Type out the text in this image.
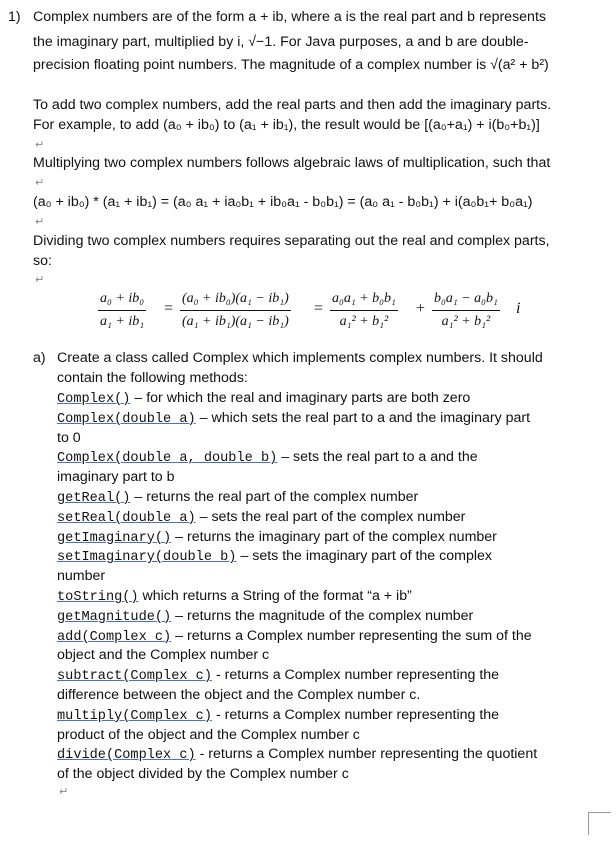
1) Complex numbers are of the form a + ib, where a is the real part and b represents
the imaginary part, multiplied by i, √−1. For Java purposes, a and b are double-
precision floating point numbers. The magnitude of a complex number is √(a² + b²)
To add two complex numbers, add the real parts and then add the imaginary parts.
For example, to add (a₀ + ib₀) to (a₁ + ib₁), the result would be [(a₀+a₁) + i(b₀+b₁)]
↵
Multiplying two complex numbers follows algebraic laws of multiplication, such that
↵
(a₀ + ib₀) * (a₁ + ib₁) = (a₀ a₁ + ia₀b₁ + ib₀a₁ - b₀b₁) = (a₀ a₁ - b₀b₁) + i(a₀b₁+ b₀a₁)
↵
Dividing two complex numbers requires separating out the real and complex parts,
so:
↵
$\frac{\text{a₀ + ib₀}}{\text{a₁ + ib₁}} = \frac{\text{(a₀ + ib₀)(a₁ − ib₁)}}{\text{(a₁ + ib₁)(a₁ − ib₁)}} = \frac{\text{a₀a₁ + b₀b₁}}{\text{a₁² + b₁²}} + \frac{\text{b₀a₁ − a₀b₁}}{\text{a₁² + b₁²}}$ i
a) Create a class called Complex which implements complex numbers. It should
contain the following methods:
Complex() – for which the real and imaginary parts are both zero
Complex(double a) – which sets the real part to a and the imaginary part
to 0
Complex(double a, double b) – sets the real part to a and the
imaginary part to b
getReal() – returns the real part of the complex number
setReal(double a) – sets the real part of the complex number
getImaginary() – returns the imaginary part of the complex number
setImaginary(double b) – sets the imaginary part of the complex
number
toString() which returns a String of the format “a + ib”
getMagnitude() – returns the magnitude of the complex number
add(Complex c) – returns a Complex number representing the sum of the
object and the Complex number c
subtract(Complex c) - returns a Complex number representing the
difference between the object and the Complex number c.
multiply(Complex c) - returns a Complex number representing the
product of the object and the Complex number c
divide(Complex c) - returns a Complex number representing the quotient
of the object divided by the Complex number c
↵
